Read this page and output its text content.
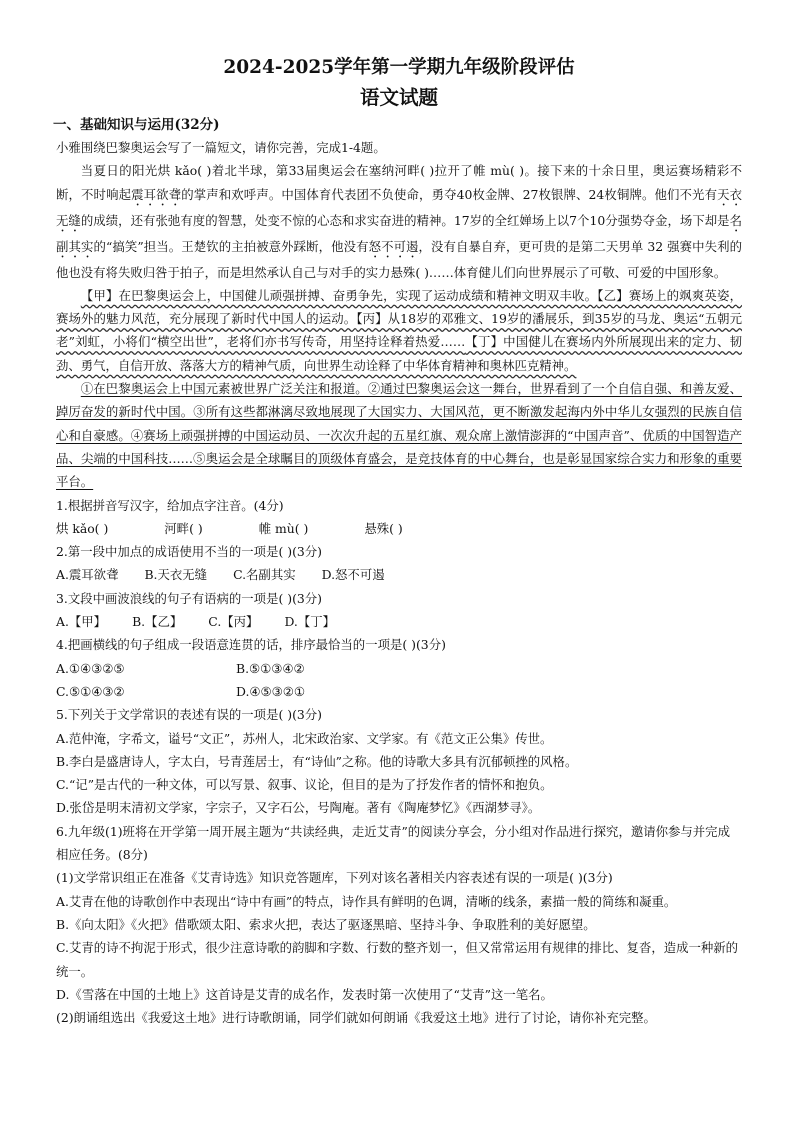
2024-2025学年第一学期九年级阶段评估
语文试题
一、基础知识与运用(32分)

小雅围绕巴黎奥运会写了一篇短文，请你完善，完成1-4题。

当夏日的阳光烘 kǎo( )着北半球，第33届奥运会在塞纳河畔( )拉开了帷 mù( )。接下来的十余日里，奥运赛场精彩不断，不时响起震耳欲聋的掌声和欢呼声。中国体育代表团不负使命，勇夺40枚金牌、27枚银牌、24枚铜牌。他们不光有天衣无缝的成绩，还有张弛有度的智慧，处变不惊的心态和求实奋进的精神。17岁的全红婵场上以7个10分强势夺金，场下却是名副其实的“搞笑”担当。王楚钦的主拍被意外踩断，他没有怒不可遏，没有自暴自弃，更可贵的是第二天男单 32 强赛中失利的他也没有将失败归咎于拍子，而是坦然承认自己与对手的实力悬殊( )……体育健儿们向世界展示了可敬、可爱的中国形象。

【甲】在巴黎奥运会上，中国健儿顽强拼搏、奋勇争先，实现了运动成绩和精神文明双丰收。【乙】赛场上的飒爽英姿，赛场外的魅力风范，充分展现了新时代中国人的运动。【丙】从18岁的邓雅文、19岁的潘展乐，到35岁的马龙、奥运“五朝元老”刘虹，小将们“横空出世”，老将们亦书写传奇，用坚持诠释着热爱……【丁】中国健儿在赛场内外所展现出来的定力、韧劲、勇气，自信开放、落落大方的精神气质，向世界生动诠释了中华体育精神和奥林匹克精神。

①在巴黎奥运会上中国元素被世界广泛关注和报道。②通过巴黎奥运会这一舞台，世界看到了一个自信自强、和善友爱、踔厉奋发的新时代中国。③所有这些都淋漓尽致地展现了大国实力、大国风范，更不断激发起海内外中华儿女强烈的民族自信心和自豪感。④赛场上顽强拼搏的中国运动员、一次次升起的五星红旗、观众席上激情澎湃的“中国声音”、优质的中国智造产品、尖端的中国科技……⑤奥运会是全球瞩目的顶级体育盛会，是竞技体育的中心舞台，也是彰显国家综合实力和形象的重要平台。

1.根据拼音写汉字，给加点字注音。(4分)

烘 kǎo( )	河畔( )	帷 mù( )	悬殊( )

2.第一段中加点的成语使用不当的一项是( )(3分)

A.震耳欲聋 B.天衣无缝 C.名副其实 D.怒不可遏

3.文段中画波浪线的句子有语病的一项是( )(3分)

A.【甲】 B.【乙】 C.【丙】 D.【丁】

4.把画横线的句子组成一段语意连贯的话，排序最恰当的一项是( )(3分)

A.①④③②⑤	B.⑤①③④②
C.⑤①④③②	D.④⑤③②①

5.下列关于文学常识的表述有误的一项是( )(3分)

A.范仲淹，字希文，谥号“文正”，苏州人，北宋政治家、文学家。有《范文正公集》传世。

B.李白是盛唐诗人，字太白，号青莲居士，有“诗仙”之称。他的诗歌大多具有沉郁顿挫的风格。

C.“记”是古代的一种文体，可以写景、叙事、议论，但目的是为了抒发作者的情怀和抱负。

D.张岱是明末清初文学家，字宗子，又字石公，号陶庵。著有《陶庵梦忆》《西湖梦寻》。

6.九年级(1)班将在开学第一周开展主题为“共读经典，走近艾青”的阅读分享会，分小组对作品进行探究，邀请你参与并完成相应任务。(8分)

(1)文学常识组正在准备《艾青诗选》知识竞答题库，下列对该名著相关内容表述有误的一项是( )(3分)

A.艾青在他的诗歌创作中表现出“诗中有画”的特点，诗作具有鲜明的色调，清晰的线条，素描一般的简练和凝重。

B.《向太阳》《火把》借歌颂太阳、索求火把，表达了驱逐黑暗、坚持斗争、争取胜利的美好愿望。

C.艾青的诗不拘泥于形式，很少注意诗歌的韵脚和字数、行数的整齐划一，但又常常运用有规律的排比、复沓，造成一种新的统一。

D.《雪落在中国的土地上》这首诗是艾青的成名作，发表时第一次使用了“艾青”这一笔名。

(2)朗诵组选出《我爱这土地》进行诗歌朗诵，同学们就如何朗诵《我爱这土地》进行了讨论，请你补充完整。
